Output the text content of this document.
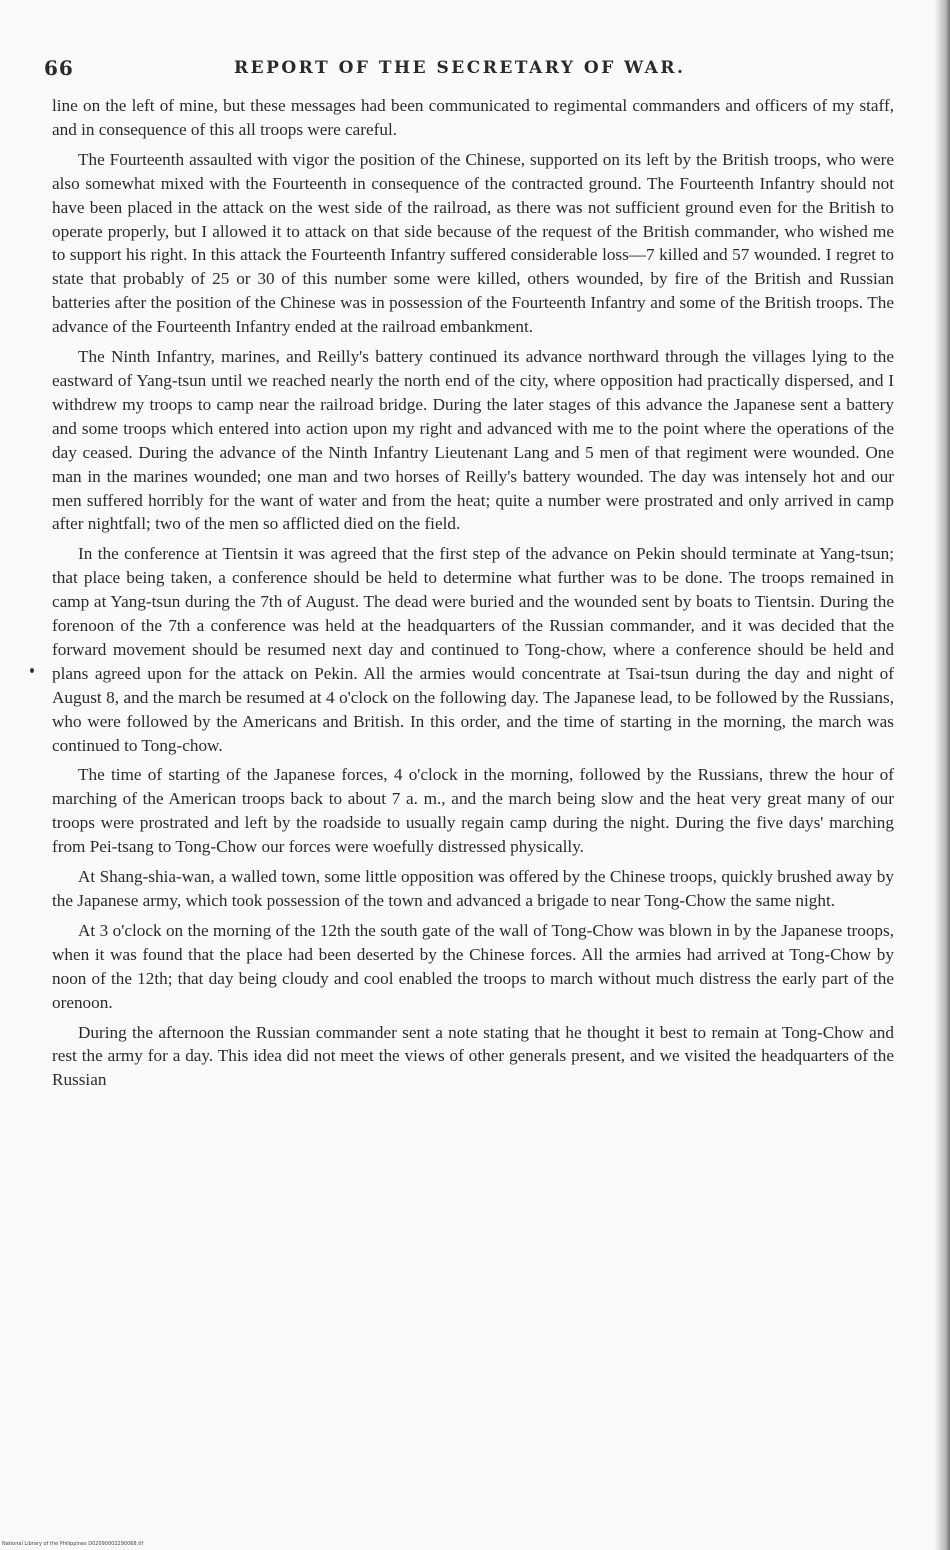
66	REPORT OF THE SECRETARY OF WAR.

line on the left of mine, but these messages had been communicated to regimental commanders and officers of my staff, and in consequence of this all troops were careful.

The Fourteenth assaulted with vigor the position of the Chinese, supported on its left by the British troops, who were also somewhat mixed with the Fourteenth in consequence of the contracted ground. The Fourteenth Infantry should not have been placed in the attack on the west side of the railroad, as there was not sufficient ground even for the British to operate properly, but I allowed it to attack on that side because of the request of the British commander, who wished me to support his right. In this attack the Fourteenth Infantry suffered considerable loss—7 killed and 57 wounded. I regret to state that probably of 25 or 30 of this number some were killed, others wounded, by fire of the British and Russian batteries after the position of the Chinese was in possession of the Fourteenth Infantry and some of the British troops. The advance of the Fourteenth Infantry ended at the railroad embankment.

The Ninth Infantry, marines, and Reilly's battery continued its advance northward through the villages lying to the eastward of Yang-tsun until we reached nearly the north end of the city, where opposition had practically dispersed, and I withdrew my troops to camp near the railroad bridge. During the later stages of this advance the Japanese sent a battery and some troops which entered into action upon my right and advanced with me to the point where the operations of the day ceased. During the advance of the Ninth Infantry Lieutenant Lang and 5 men of that regiment were wounded. One man in the marines wounded; one man and two horses of Reilly's battery wounded. The day was intensely hot and our men suffered horribly for the want of water and from the heat; quite a number were prostrated and only arrived in camp after nightfall; two of the men so afflicted died on the field.

In the conference at Tientsin it was agreed that the first step of the advance on Pekin should terminate at Yang-tsun; that place being taken, a conference should be held to determine what further was to be done. The troops remained in camp at Yang-tsun during the 7th of August. The dead were buried and the wounded sent by boats to Tientsin. During the forenoon of the 7th a conference was held at the headquarters of the Russian commander, and it was decided that the forward movement should be resumed next day and continued to Tong-chow, where a conference should be held and plans agreed upon for the attack on Pekin. All the armies would concentrate at Tsai-tsun during the day and night of August 8, and the march be resumed at 4 o'clock on the following day. The Japanese lead, to be followed by the Russians, who were followed by the Americans and British. In this order, and the time of starting in the morning, the march was continued to Tong-chow.

The time of starting of the Japanese forces, 4 o'clock in the morning, followed by the Russians, threw the hour of marching of the American troops back to about 7 a. m., and the march being slow and the heat very great many of our troops were prostrated and left by the roadside to usually regain camp during the night. During the five days' marching from Pei-tsang to Tong-Chow our forces were woefully distressed physically.

At Shang-shia-wan, a walled town, some little opposition was offered by the Chinese troops, quickly brushed away by the Japanese army, which took possession of the town and advanced a brigade to near Tong-Chow the same night.

At 3 o'clock on the morning of the 12th the south gate of the wall of Tong-Chow was blown in by the Japanese troops, when it was found that the place had been deserted by the Chinese forces. All the armies had arrived at Tong-Chow by noon of the 12th; that day being cloudy and cool enabled the troops to march without much distress the early part of the orenoon.

During the afternoon the Russian commander sent a note stating that he thought it best to remain at Tong-Chow and rest the army for a day. This idea did not meet the views of other generals present, and we visited the headquarters of the Russian

National Library of the Philippines D02090002290068.tif
